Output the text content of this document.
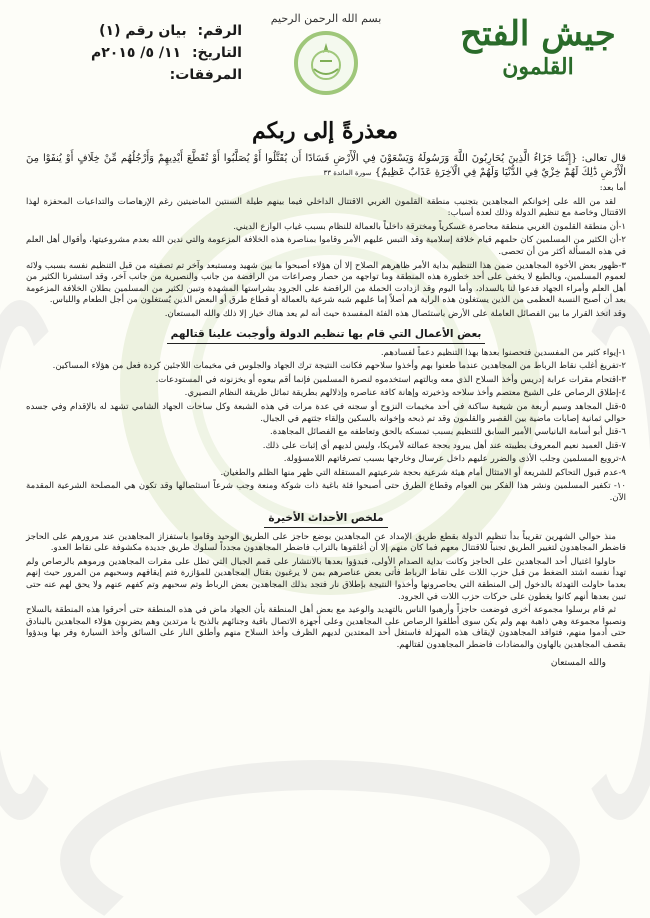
جيش الفتح
القلمون
بسم الله الرحمن الرحيم
الرقم: بيان رقم (١)
التاريخ: ١١/ ٥/ ٢٠١٥م
المرفقات:
معذرةً إلى ربكم
قال تعالى: {إِنَّمَا جَزَاءُ الَّذِينَ يُحَارِبُونَ اللَّهَ وَرَسُولَهُ وَيَسْعَوْنَ فِي الْأَرْضِ فَسَادًا أَن يُقَتَّلُوا أَوْ يُصَلَّبُوا أَوْ تُقَطَّعَ أَيْدِيهِمْ وَأَرْجُلُهُم مِّنْ خِلَافٍ أَوْ يُنفَوْا مِنَ الْأَرْضِ ذَٰلِكَ لَهُمْ خِزْيٌ فِي الدُّنْيَا وَلَهُمْ فِي الْآخِرَةِ عَذَابٌ عَظِيمٌ} سورة المائدة ٣٣
أما بعد:
لقد من الله على إخوانكم المجاهدين بتجنيب منطقة القلمون الغربي الاقتتال الداخلي فيما بينهم طيلة السنتين الماضيتين رغم الإرهاصات والتداعيات المحفزة لهذا الاقتتال وخاصة مع تنظيم الدولة وذلك لعدة أسباب:
١-أن منطقة القلمون الغربي منطقة محاصرة عسكرياً ومخترقة داخلياً بالعمالة للنظام بسبب غياب الوازع الديني.
٢-أن الكثير من المسلمين كان حلمهم قيام خلافة إسلامية وقد التبس عليهم الأمر وقاموا بمناصرة هذه الخلافة المزعومة والتي ندين الله بعدم مشروعيتها، وأقوال أهل العلم في هذه المسألة أكثر من أن تحصى.
٣-ظهور بعض الأخوة المجاهدين ضمن هذا التنظيم بداية الأمر ظاهرهم الصلاح إلا أن هؤلاء أصبحوا ما بين شهيد ومستبعد وآخر تم تصفيته من قبل التنظيم نفسه بسبب ولائه لعموم المسلمين، وبالطبع لا يخفى على أحد خطورة هذه المنطقة وما تواجهه من حصار وصراعات من الرافضة من جانب والنصيرية من جانب آخر، وقد استشرنا الكثير من أهل العلم وأمراء الجهاد فدعوا لنا بالسداد، وأما اليوم وقد ازدادت الحملة من الرافضة على الجرود بشراستها المشهدة وتبين لكثير من المسلمين بطلان الخلافة المزعومة بعد أن أصبح النسبة العظمى من الذين يستغلون هذه الراية هم أصلاً إما عليهم شبه شرعية بالعمالة أو قطاع طرق أو البعض الذين يُستغلون من أجل الطعام واللباس.
وقد اتخذ القرار ما بين الفصائل العاملة على الأرض باستئصال هذه الفئة المفسدة حيث أنه لم يعد هناك خيار إلا ذلك والله المستعان.
بعض الأعمال التي قام بها تنظيم الدولة وأوجبت علينا قتالهم
١-إيواء كثير من المفسدين فتحصنوا بعدها بهذا التنظيم دعماً لفسادهم.
٢-تفريغ أغلب نقاط الرباط من المجاهدين عندما طعنوا بهم وأخذوا سلاحهم فكانت النتيجة ترك الجهاد والجلوس في مخيمات اللاجئين كردة فعل من هؤلاء المساكين.
٣-اقتحام مقرات عرابة إدريس وأخذ السلاح الذي معه وبالتهم استخدموه لنصرة المسلمين فإنما أقم بيعوه أو يخزنونه في المستودعات.
٤-إطلاق الرصاص على الشيخ معتصم وأخذ سلاحه وذخيرته وإهانة كافة عناصره وإذلالهم بطريقة تماثل طريقة النظام النصيري.
٥-قتل المجاهد وسيم أربعة من شيعية ساكنة في أحد مخيمات النزوح أو سجنه في عدة مرات في هذه الشبعة وكل ساحات الجهاد الشامي تشهد له بالإقدام وفي جسده حوالي ثمانية إصابات ماضية بين القصير والقلمون وقد تم ذبحه وإخوانه بالسكين وإلقاء جثتهم في الجبال.
٦-قتل أبو أسامة البانياسي الأمير السابق للتنظيم بسبب تمسكه بالحق وتعاطفه مع الفصائل المجاهدة.
٧-قتل العميد نعيم المعروف بطيبته عند أهل يبرود بحجة عمالته لأمريكا، وليس لديهم أي إثبات على ذلك.
٨-ترويع المسلمين وجلب الأذى والضرر عليهم داخل عرسال وخارجها بسبب تصرفاتهم اللامسؤولة.
٩-عدم قبول التحاكم للشريعة أو الامتثال أمام هيئة شرعية بحجة شرعيتهم المستقلة التي ظهر منها الظلم والطغيان.
١٠- تكفير المسلمين ونشر هذا الفكر بين العوام وقطاع الطرق حتى أصبحوا فئة باغية ذات شوكة ومنعة وجب شرعاً استئصالها وقد تكون هي المصلحة الشرعية المقدمة الآن.
ملخص الأحداث الأخيرة
منذ حوالي الشهرين تقريباً بدأ تنظيم الدولة بقطع طريق الإمداد عن المجاهدين بوضع حاجز على الطريق الوحيد وقاموا باستفزاز المجاهدين عند مرورهم على الحاجز فاضطر المجاهدون لتغيير الطريق تجنباً للاقتتال معهم فما كان منهم إلا أن أغلقوها بالتراب فاضطر المجاهدون مجدداً لسلوك طريق جديدة مكشوفة على نقاط العدو.
حاولوا اغتيال أحد المجاهدين على الحاجز وكانت بداية الصدام الأولى، فبدؤوا بعدها بالانتشار على قمم الجبال التي تطل على مقرات المجاهدين ورموهم بالرصاص ولم تهدأ نفسه اشتد الضغط من قبل حزب اللات على نقاط الرباط فأتى بعض عناصرهم بمن لا يرغبون بقتال المجاهدين للمؤازرة فتم إيقافهم وسحبهم من المرور حيث إنهم بعدما حاولت التهدئة بالدخول إلى المنطقة التي يحاصرونها وأخذوا النتيجة بإطلاق نار فتجد بذلك المجاهدين بعض الرباط وتم سحبهم وتم كفهم عنهم ولا يحق لهم عنه حتى تبين بعدها أنهم كانوا يغطون على حركات حزب اللات في الجرود.
ثم قام برسلوا مجموعة أخرى فوضعت حاجزاً وأرهبوا الناس بالتهديد والوعيد مع بعض أهل المنطقة بأن الجهاد ماض في هذه المنطقة حتى أحرقوا هذه المنطقة بالسلاح ونصبوا مجموعة وهي ذاهبة بهم ولم يكن سوى أطلقوا الرصاص على المجاهدين وعلى أجهزة الاتصال باقية وجنائهم بالذبح يا مرتدين وهم يضربون هؤلاء المجاهدين بالبنادق حتى أدموا منهم، فتوافد المجاهدون لإيقاف هذه المهزلة فاستغل أحد المعتدين لديهم الظرف وأخذ السلاح منهم وأطلق النار على السائق وأخذ السيارة وفر بها وبدؤوا بقصف المجاهدين بالهاون والمضادات فاضطر المجاهدون لقتالهم.
والله المستعان
